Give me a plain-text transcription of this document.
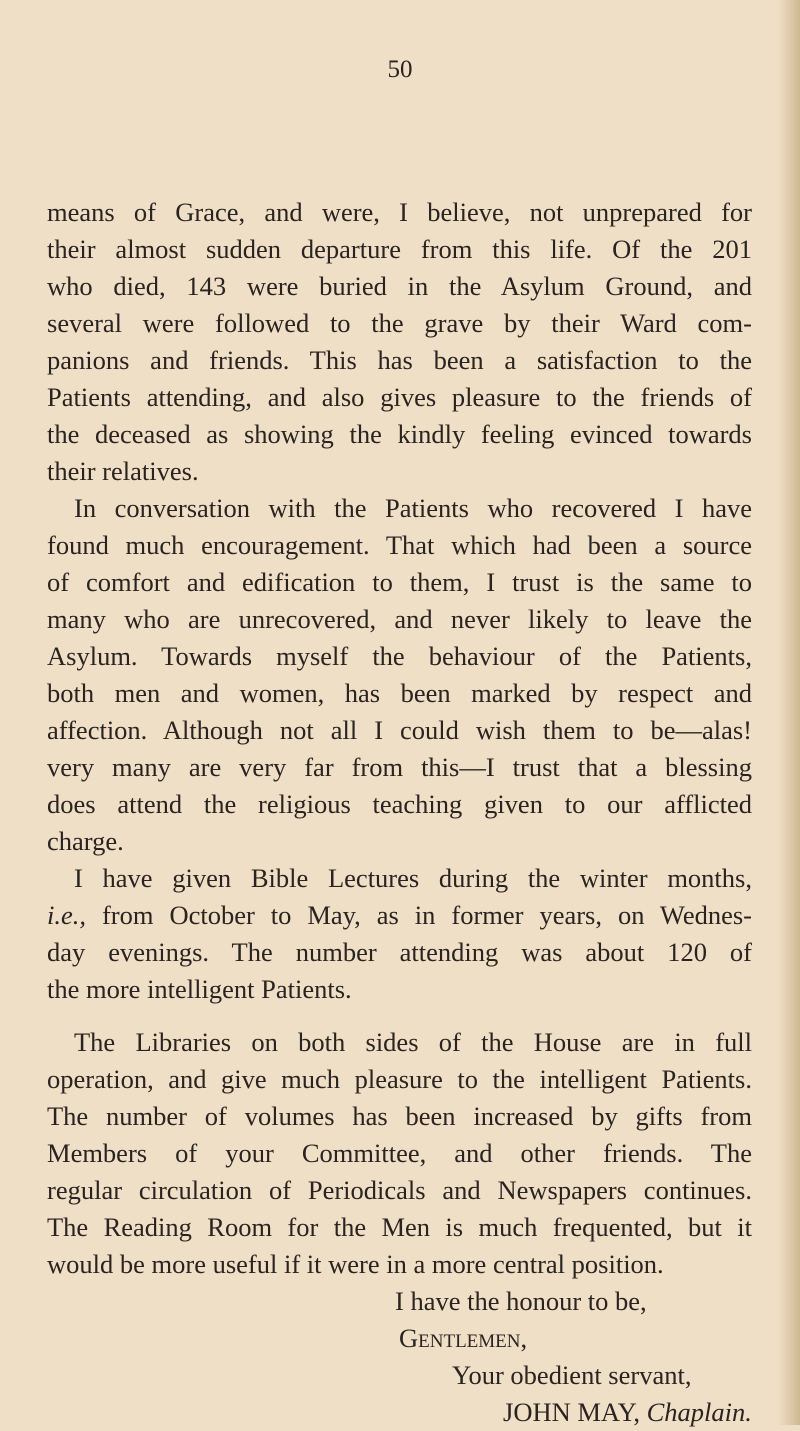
50
means of Grace, and were, I believe, not unprepared for
their almost sudden departure from this life. Of the 201
who died, 143 were buried in the Asylum Ground, and
several were followed to the grave by their Ward com-
panions and friends. This has been a satisfaction to the
Patients attending, and also gives pleasure to the friends of
the deceased as showing the kindly feeling evinced towards
their relatives.
In conversation with the Patients who recovered I have
found much encouragement. That which had been a source
of comfort and edification to them, I trust is the same to
many who are unrecovered, and never likely to leave the
Asylum. Towards myself the behaviour of the Patients,
both men and women, has been marked by respect and
affection. Although not all I could wish them to be—alas!
very many are very far from this—I trust that a blessing
does attend the religious teaching given to our afflicted
charge.
I have given Bible Lectures during the winter months,
i.e., from October to May, as in former years, on Wednes-
day evenings. The number attending was about 120 of
the more intelligent Patients.
The Libraries on both sides of the House are in full
operation, and give much pleasure to the intelligent Patients.
The number of volumes has been increased by gifts from
Members of your Committee, and other friends. The
regular circulation of Periodicals and Newspapers continues.
The Reading Room for the Men is much frequented, but it
would be more useful if it were in a more central position.
I have the honour to be,
Gentlemen,
Your obedient servant,
JOHN MAY, Chaplain.
